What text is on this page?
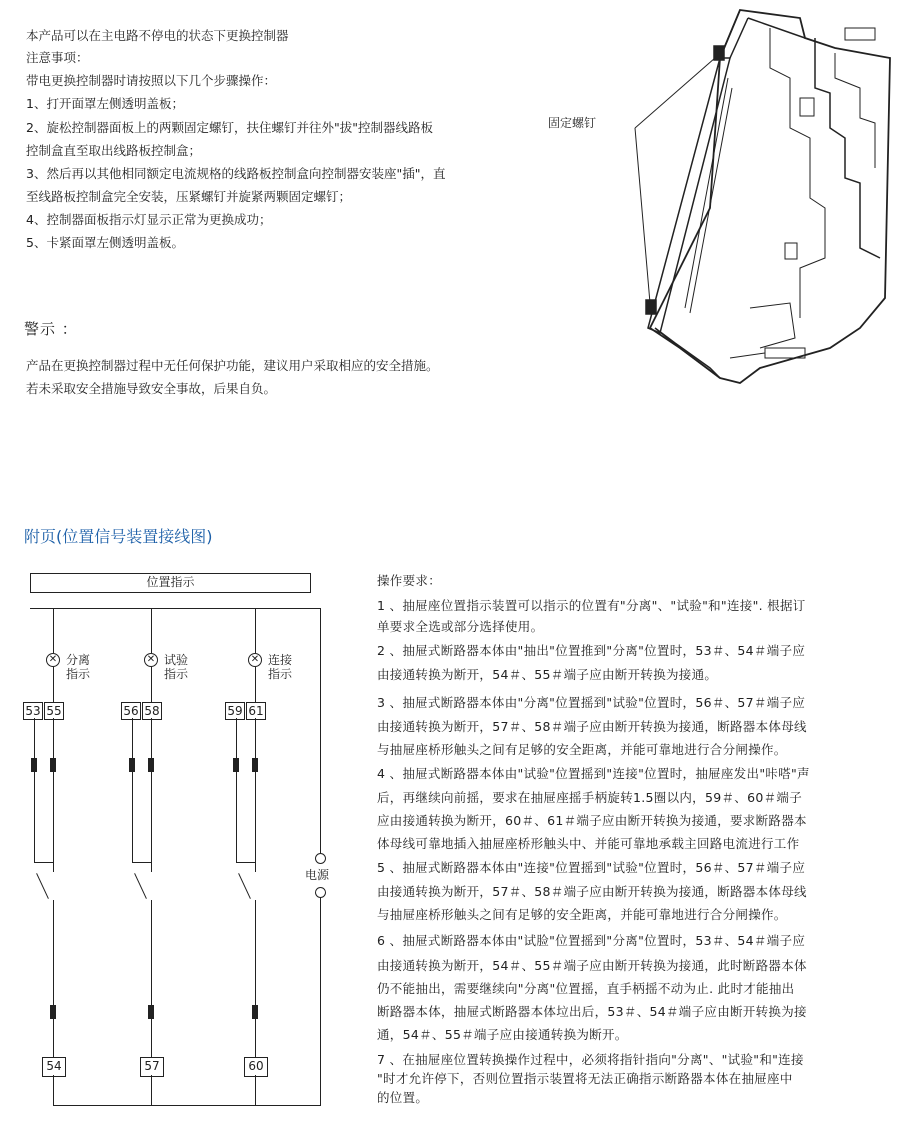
本产品可以在主电路不停电的状态下更换控制器
注意事项：
带电更换控制器时请按照以下几个步骤操作：
1、打开面罩左侧透明盖板；
2、旋松控制器面板上的两颗固定螺钉，扶住螺钉并往外"拔"控制器线路板
控制盒直至取出线路板控制盒；
3、然后再以其他相同额定电流规格的线路板控制盒向控制器安装座"插"，直
至线路板控制盒完全安装，压紧螺钉并旋紧两颗固定螺钉；
4、控制器面板指示灯显示正常为更换成功；
5、卡紧面罩左侧透明盖板。
警示 ：
产品在更换控制器过程中无任何保护功能，建议用户采取相应的安全措施。
若未采取安全措施导致安全事故，后果自负。
固定螺钉
附页(位置信号装置接线图)
位置指示
电源
✕ 分离
指示
53 55
54
✕ 试验
指示
56 58
57
✕ 连接
指示
59 61
60
操作要求：
1 、抽屉座位置指示装置可以指示的位置有"分离"、"试验"和"连接". 根据订
单要求全选或部分选择使用。
2 、抽屉式断路器本体由"抽出"位置推到"分离"位置时，53＃、54＃端子应
由接通转换为断开，54＃、55＃端子应由断开转换为接通。
3 、抽屉式断路器本体由"分离"位置摇到"试验"位置时，56＃、57＃端子应
由接通转换为断开，57＃、58＃端子应由断开转换为接通，断路器本体母线
与抽屉座桥形触头之间有足够的安全距离，并能可靠地进行合分闸操作。
4 、抽屉式断路器本体由"试验"位置摇到"连接"位置时，抽屉座发出"咔嗒"声
后，再继续向前摇，要求在抽屉座摇手柄旋转1.5圈以内，59＃、60＃端子
应由接通转换为断开，60＃、61＃端子应由断开转换为接通，要求断路器本
体母线可靠地插入抽屉座桥形触头中、并能可靠地承载主回路电流进行工作
5 、抽屉式断路器本体由"连接"位置摇到"试验"位置时，56＃、57＃端子应
由接通转换为断开，57＃、58＃端子应由断开转换为接通，断路器本体母线
与抽屉座桥形触头之间有足够的安全距离，并能可靠地进行合分闸操作。
6 、抽屉式断路器本体由"试脸"位置摇到"分离"位置时，53＃、54＃端子应
由接通转换为断开，54＃、55＃端子应由断开转换为接通，此时断路器本体
仍不能抽出，需要继续向"分离"位置摇，直手柄摇不动为止. 此时才能抽出
断路器本体，抽屉式断路器本体垃出后，53＃、54＃端子应由断开转换为接
通，54＃、55＃端子应由接通转换为断开。
7 、在抽屉座位置转换操作过程中，必须将指针指向"分离"、"试验"和"连接
"时才允许停下，否则位置指示装置将无法正确指示断路器本体在抽屉座中
的位置。
